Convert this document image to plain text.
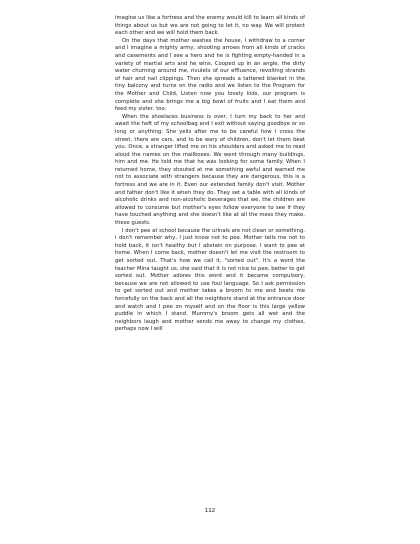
imagine us like a fortress and the enemy would kill to learn all kinds of things about us but we are not going to let it, no way. We will protect each other and we will hold them back.

On the days that mother washes the house, I withdraw to a corner and I imagine a mighty army, shooting arrows from all kinds of cracks and casements and I see a hero and he is fighting empty-handed in a variety of martial arts and he wins. Cooped up in an angle, the dirty water churning around me, rivulets of our effluence, revolting strands of hair and nail clippings. Then she spreads a tattered blanket in the tiny balcony and turns on the radio and we listen to the Program for the Mother and Child, Listen now you lovely kids, our program is complete and she brings me a big bowl of fruits and I eat them and feed my sister, too.

When the shoelaces business is over, I turn my back to her and await the heft of my schoolbag and I exit without saying goodbye or so long or anything. She yells after me to be careful how I cross the street, there are cars, and to be wary of children, don't let them beat you. Once, a stranger lifted me on his shoulders and asked me to read aloud the names on the mailboxes. We went through many buildings, him and me. He told me that he was looking for some family. When I returned home, they shouted at me something awful and warned me not to associate with strangers because they are dangerous, this is a fortress and we are in it. Even our extended family don't visit. Mother and father don't like it when they do. They set a table with all kinds of alcoholic drinks and non-alcoholic beverages that we, the children are allowed to consume but mother's eyes follow everyone to see if they have touched anything and she doesn't like at all the mess they make, these guests.

I don't pee at school because the urinals are not clean or something. I don't remember why, I just know not to pee. Mother tells me not to hold back, it isn't healthy but I abstain on purpose. I want to pee at home. When I come back, mother doesn't let me visit the restroom to get sorted out. That's how we call it, "sorted out". It's a word the teacher Mina taught us, she said that it is not nice to pee, better to get sorted out. Mother adores this word and it became compulsory, because we are not allowed to use foul language. So I ask permission to get sorted out and mother takes a broom to me and beats me forcefully on the back and all the neighbors stand at the entrance door and watch and I pee on myself and on the floor is this large yellow puddle in which I stand. Mummy's broom gets all wet and the neighbors laugh and mother sends me away to change my clothes, perhaps now I will

112
